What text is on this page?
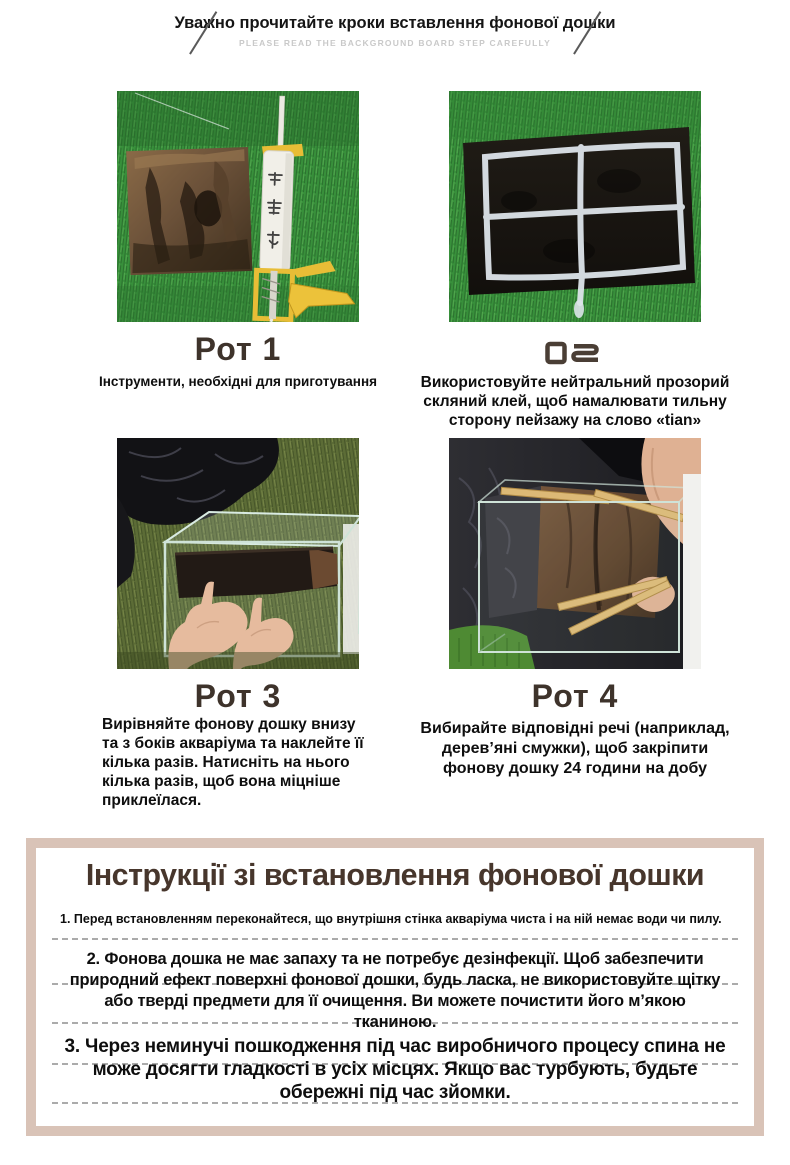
Уважно прочитайте кроки вставлення фонової дошки
PLEASE READ THE BACKGROUND BOARD STEP CAREFULLY
Рот 1
Інструменти, необхідні для приготування	Використовуйте нейтральний прозорий скляний клей, щоб намалювати тильну сторону пейзажу на слово «tian»
Рот 3
Вирівняйте фонову дошку внизу та з боків акваріума та наклейте її кілька разів. Натисніть на нього кілька разів, щоб вона міцніше приклеїлася.
Рот 4
Вибирайте відповідні речі (наприклад, дерев’яні смужки), щоб закріпити фонову дошку 24 години на добу
Інструкції зі встановлення фонової дошки
1. Перед встановленням переконайтеся, що внутрішня стінка акваріума чиста і на ній немає води чи пилу.
2. Фонова дошка не має запаху та не потребує дезінфекції. Щоб забезпечити природний ефект поверхні фонової дошки, будь ласка, не використовуйте щітку або тверді предмети для її очищення. Ви можете почистити його м’якою тканиною.
3. Через неминучі пошкодження під час виробничого процесу спина не може досягти гладкості в усіх місцях. Якщо вас турбують, будьте обережні під час зйомки.
